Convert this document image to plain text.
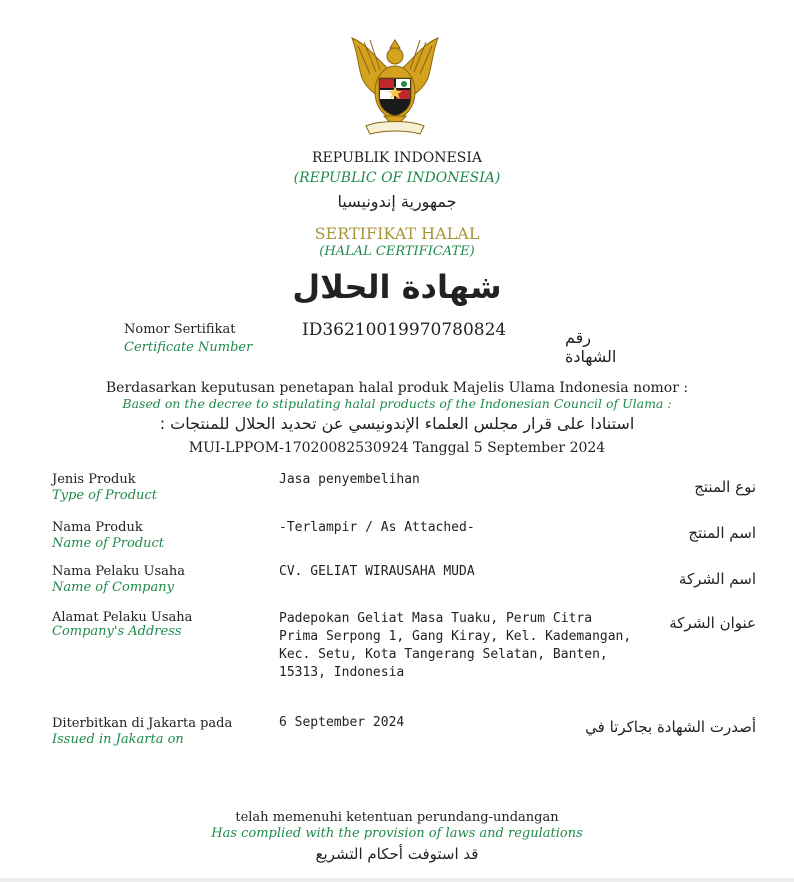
REPUBLIK INDONESIA
(REPUBLIC OF INDONESIA)
جمهورية إندونيسيا
SERTIFIKAT HALAL
(HALAL CERTIFICATE)
شهادة الحلال
Nomor Sertifikat
Certificate Number
ID36210019970780824	رقم الشهادة
Berdasarkan keputusan penetapan halal produk Majelis Ulama Indonesia nomor :
Based on the decree to stipulating halal products of the Indonesian Council of Ulama :
استنادا على قرار مجلس العلماء الإندونيسي عن تحديد الحلال للمنتجات :
MUI-LPPOM-17020082530924 Tanggal 5 September 2024
Jenis Produk
Type of Product
Jasa penyembelihan	نوع المنتج
Nama Produk
Name of Product
-Terlampir / As Attached-	اسم المنتج
Nama Pelaku Usaha
Name of Company
CV. GELIAT WIRAUSAHA MUDA	اسم الشركة
Alamat Pelaku Usaha
Company's Address
Padepokan Geliat Masa Tuaku, Perum Citra
Prima Serpong 1, Gang Kiray, Kel. Kademangan,
Kec. Setu, Kota Tangerang Selatan, Banten,
15313, Indonesia
عنوان الشركة
Diterbitkan di Jakarta pada
Issued in Jakarta on
6 September 2024	أصدرت الشهادة بجاكرتا في
telah memenuhi ketentuan perundang-undangan
Has complied with the provision of laws and regulations
قد استوفت أحكام التشريع
